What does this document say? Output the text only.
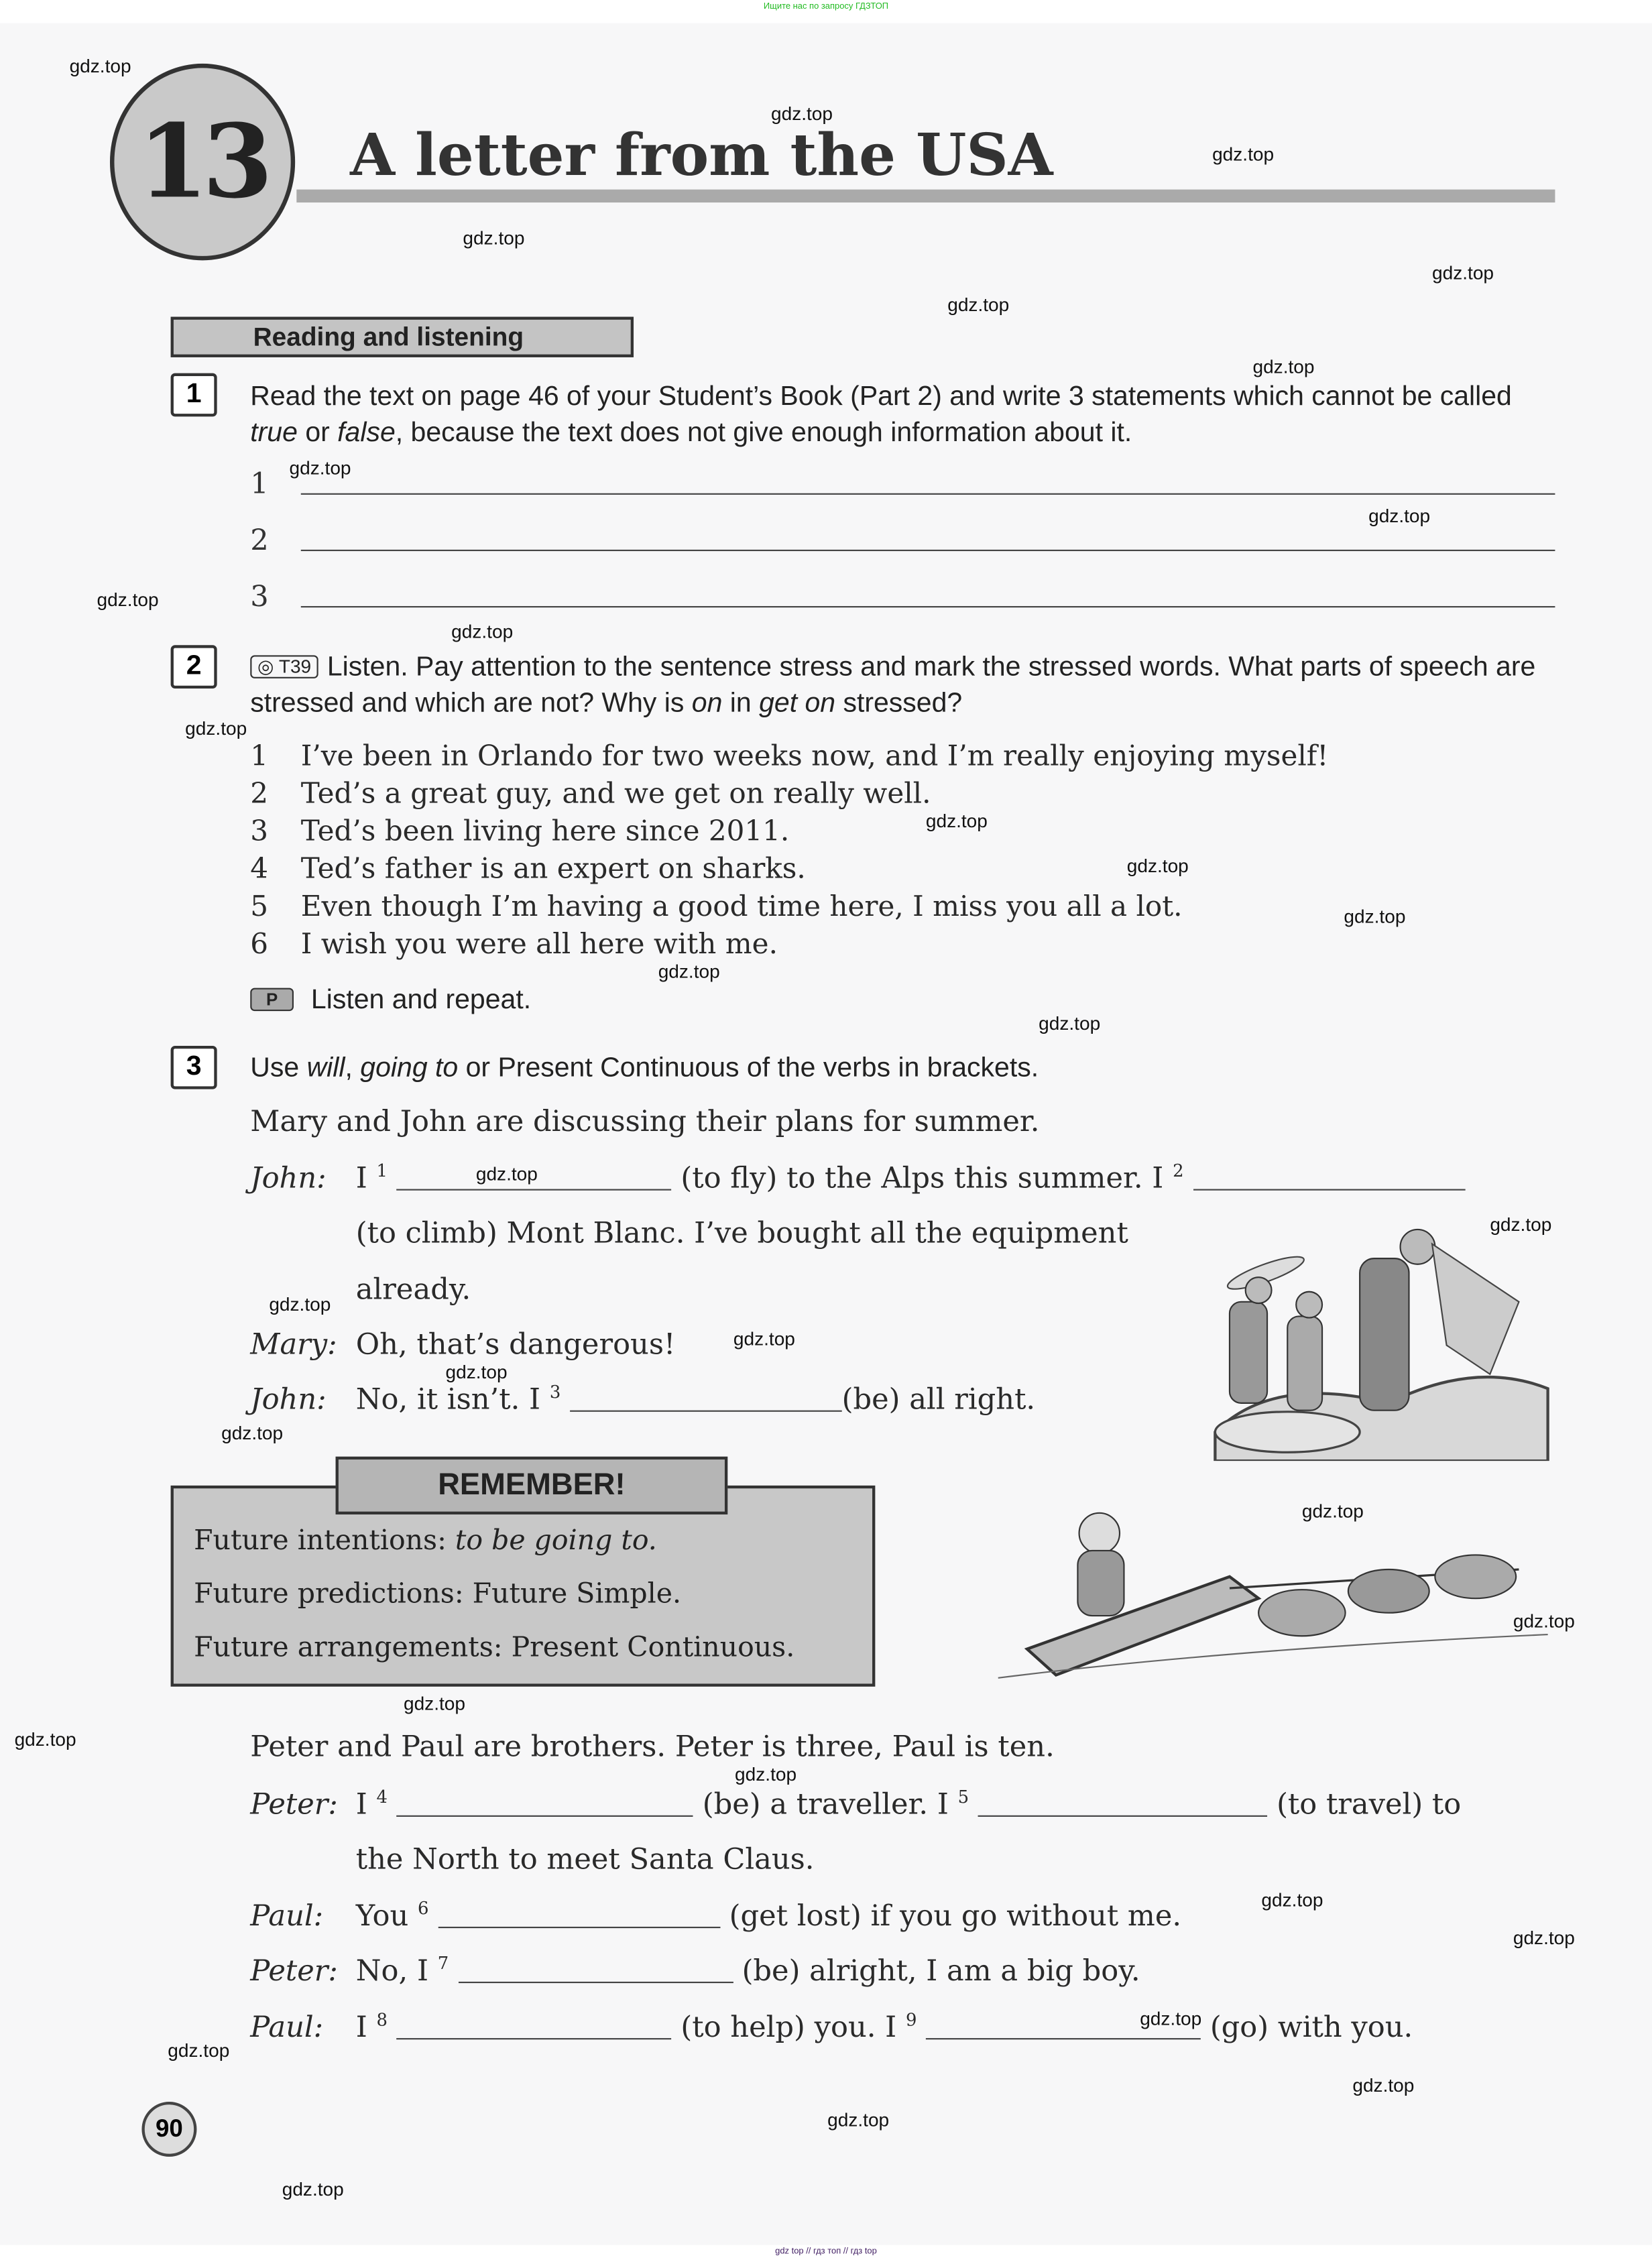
Ищите нас по запросу ГДЗТОП
13	A letter from the USA
Reading and listening
1	Read the text on page 46 of your Student’s Book (Part 2) and write 3 statements which cannot be called true or false, because the text does not give enough information about it.
1
2
3
2	◎ T39 Listen. Pay attention to the sentence stress and mark the stressed words. What parts of speech are stressed and which are not? Why is on in get on stressed?
1 I’ve been in Orlando for two weeks now, and I’m really enjoying myself!
2 Ted’s a great guy, and we get on really well.
3 Ted’s been living here since 2011.
4 Ted’s father is an expert on sharks.
5 Even though I’m having a good time here, I miss you all a lot.
6 I wish you were all here with me.
P	Listen and repeat.
3	Use will, going to or Present Continuous of the verbs in brackets.
Mary and John are discussing their plans for summer.
John: I $^1$	(to fly) to the Alps this summer. I $^2$
(to climb) Mont Blanc. I’ve bought all the equipment
already.
Mary: Oh, that’s dangerous!
John: No, it isn’t. I $^3$	(be) all right.
REMEMBER!
Future intentions: to be going to.
Future predictions: Future Simple.
Future arrangements: Present Continuous.
Peter and Paul are brothers. Peter is three, Paul is ten.
Peter: I $^4$	(be) a traveller. I $^5$	(to travel) to
the North to meet Santa Claus.
Paul: You $^6$	(get lost) if you go without me.
Peter: No, I $^7$	(be) alright, I am a big boy.
Paul: I $^8$	(to help) you. I $^9$	(go) with you.
90
gdz top // гдз топ // гдз top
gdz.top
gdz.top
gdz.top
gdz.top
gdz.top
gdz.top
gdz.top
gdz.top
gdz.top
gdz.top
gdz.top
gdz.top
gdz.top
gdz.top
gdz.top
gdz.top
gdz.top
gdz.top
gdz.top
gdz.top
gdz.top
gdz.top
gdz.top
gdz.top
gdz.top
gdz.top
gdz.top
gdz.top
gdz.top
gdz.top
gdz.top
gdz.top
gdz.top
gdz.top
gdz.top
